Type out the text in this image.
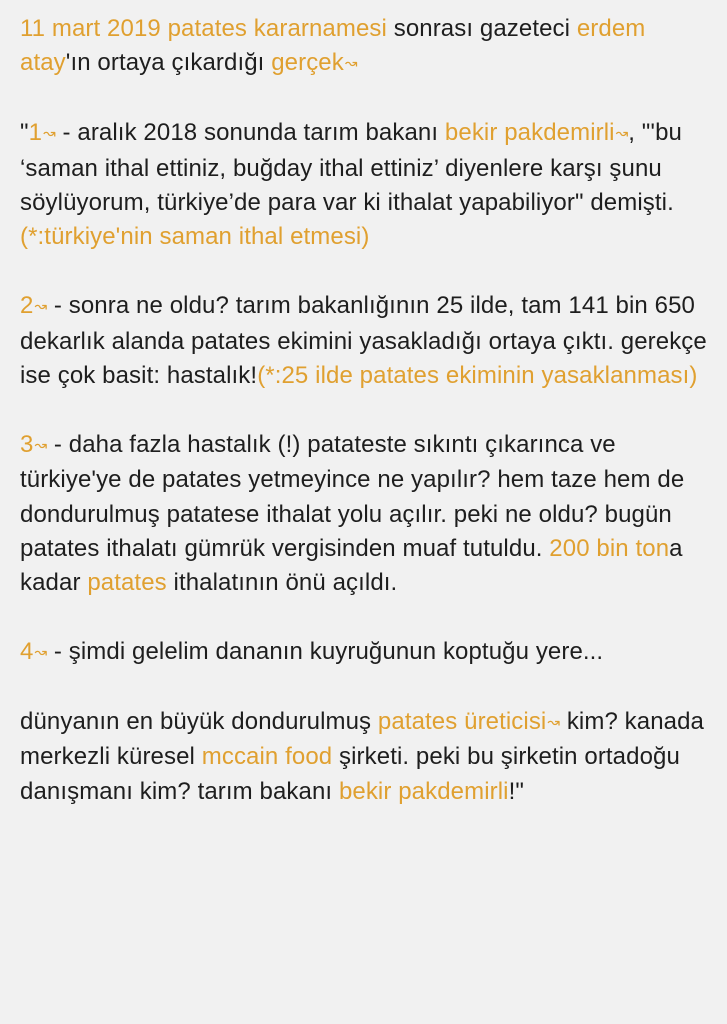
11 mart 2019 patates kararnamesi sonrası gazeteci erdem atay'ın ortaya çıkardığı gerçek↝

"1↝ - aralık 2018 sonunda tarım bakanı bekir pakdemirli↝, "'bu ‘saman ithal ettiniz, buğday ithal ettiniz’ diyenlere karşı şunu söylüyorum, türkiye’de para var ki ithalat yapabiliyor" demişti.(*:türkiye'nin saman ithal etmesi)

2↝ - sonra ne oldu? tarım bakanlığının 25 ilde, tam 141 bin 650 dekarlık alanda patates ekimini yasakladığı ortaya çıktı. gerekçe ise çok basit: hastalık!(*:25 ilde patates ekiminin yasaklanması)

3↝ - daha fazla hastalık (!) patateste sıkıntı çıkarınca ve türkiye'ye de patates yetmeyince ne yapılır? hem taze hem de dondurulmuş patatese ithalat yolu açılır. peki ne oldu? bugün patates ithalatı gümrük vergisinden muaf tutuldu. 200 bin tona kadar patates ithalatının önü açıldı.

4↝ - şimdi gelelim dananın kuyruğunun koptuğu yere...

dünyanın en büyük dondurulmuş patates üreticisi↝ kim? kanada merkezli küresel mccain food şirketi. peki bu şirketin ortadoğu danışmanı kim? tarım bakanı bekir pakdemirli!"
